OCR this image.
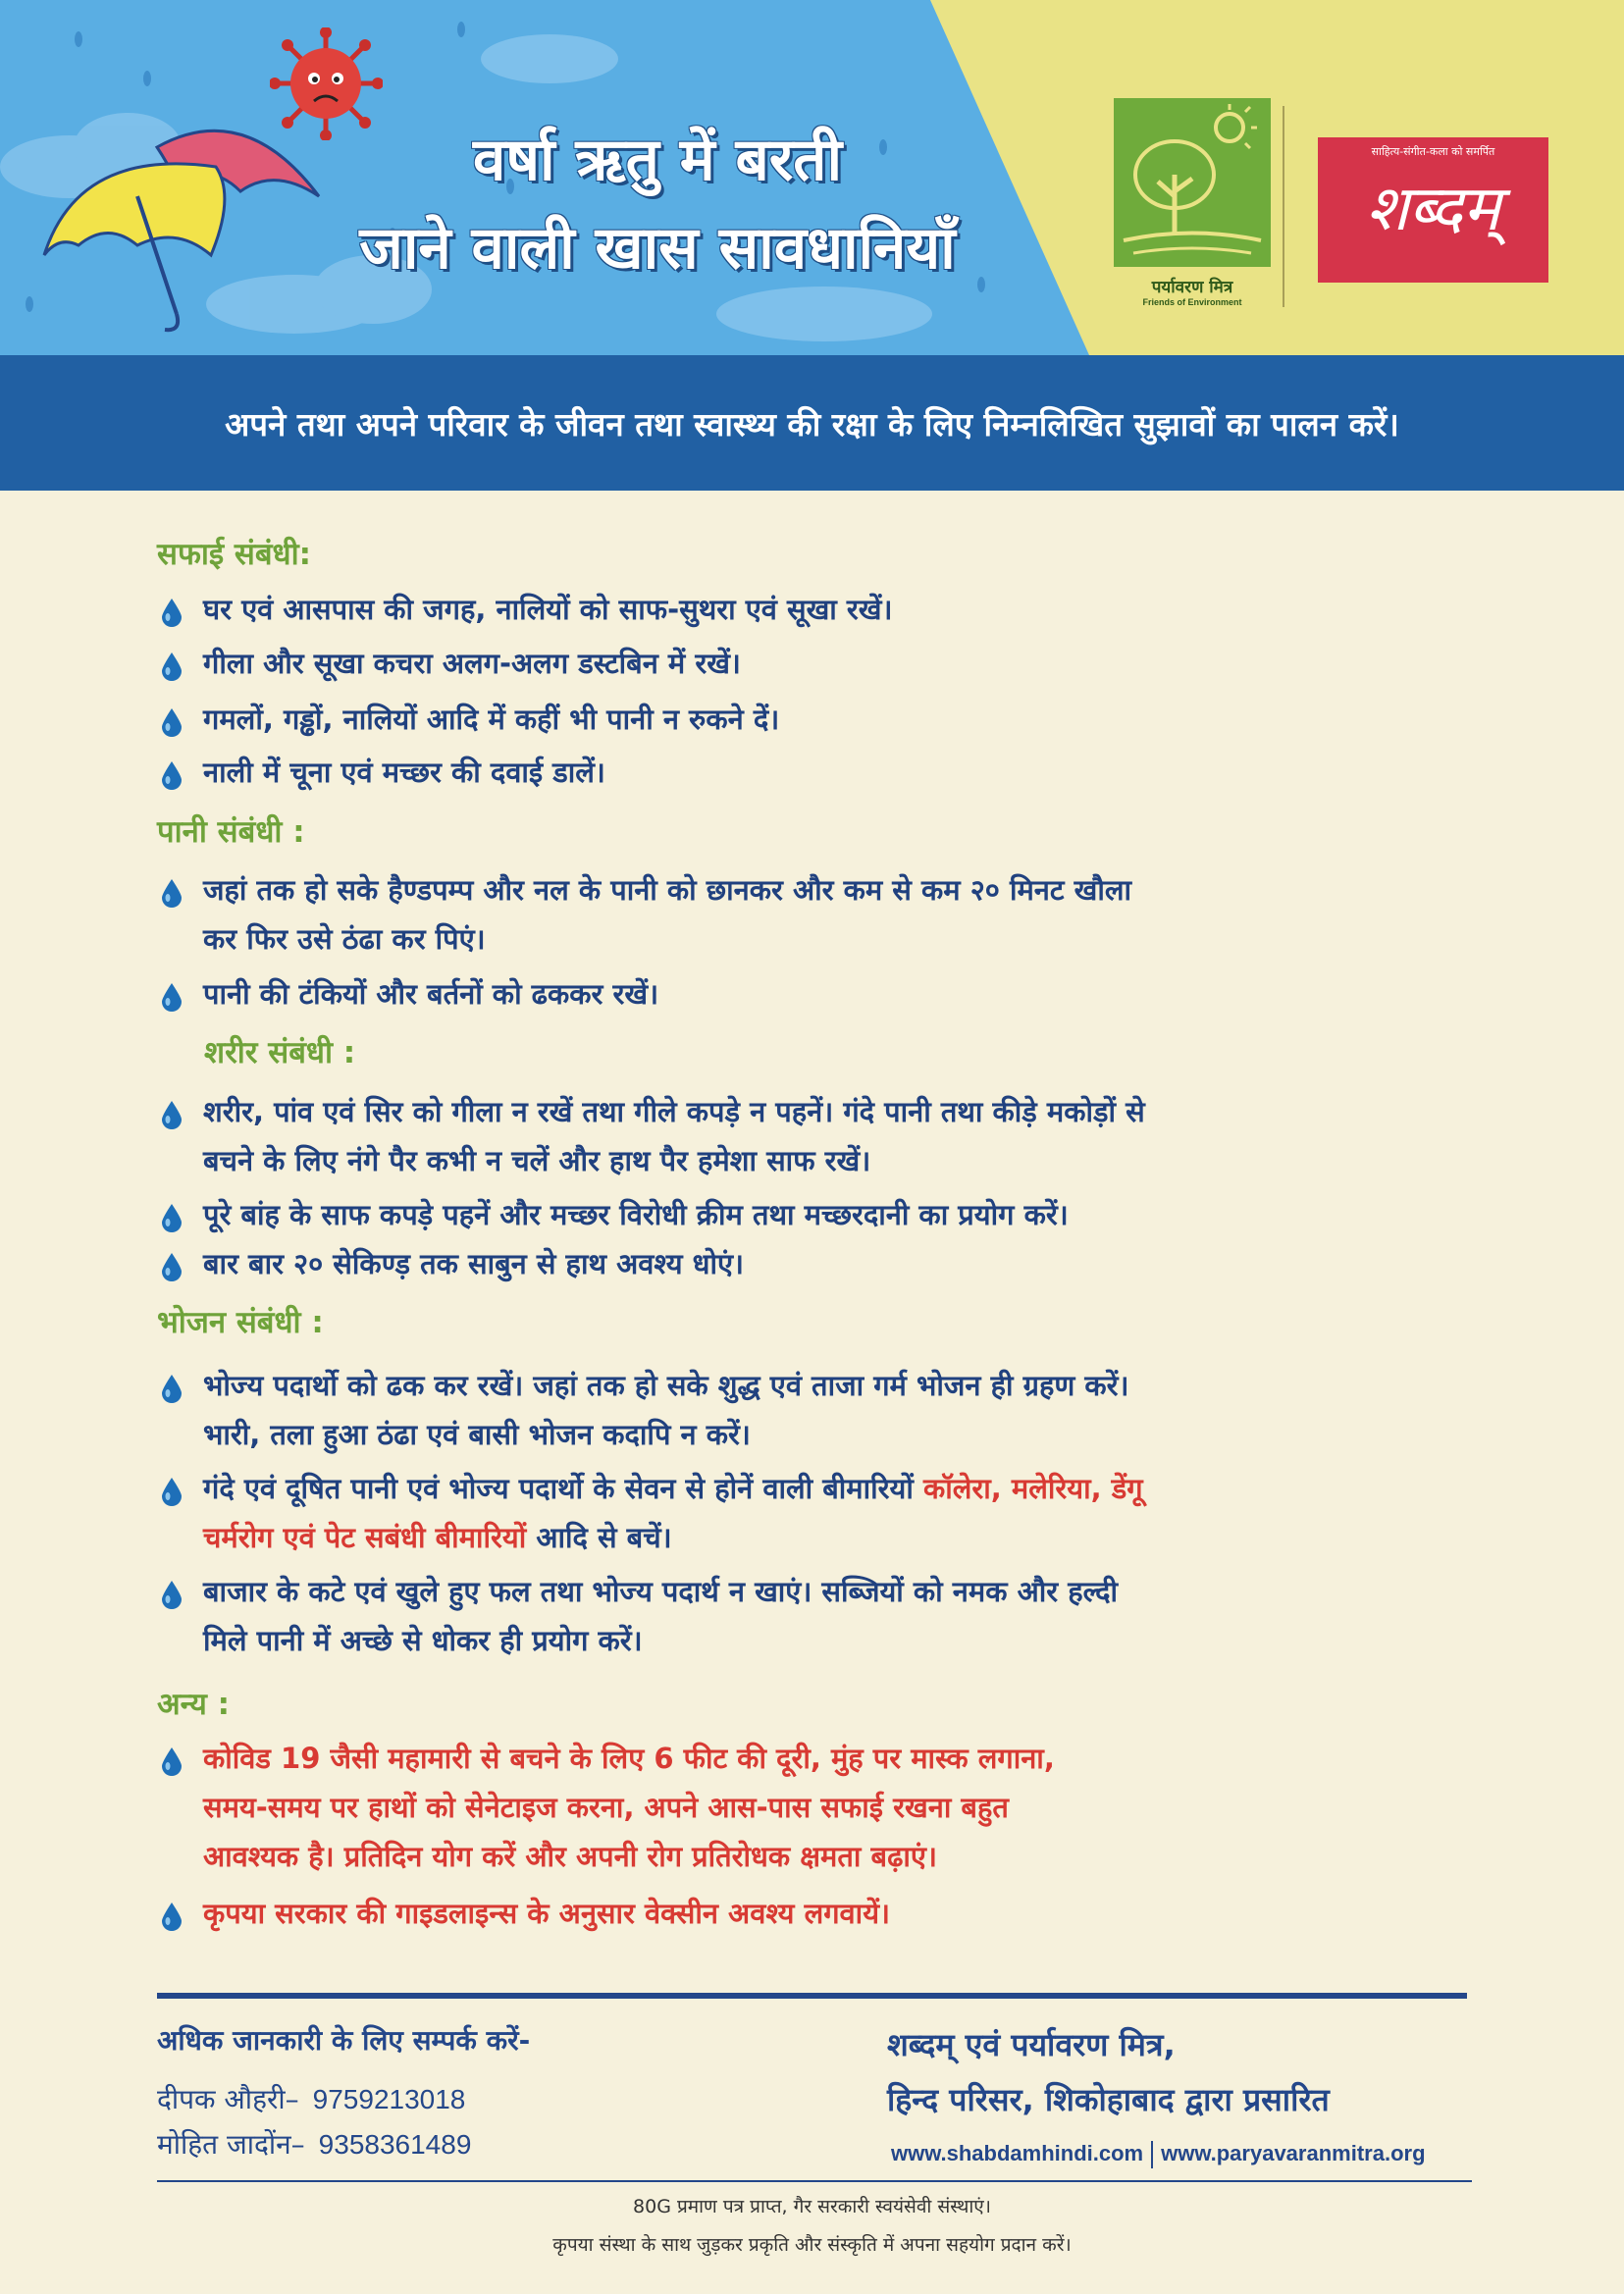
वर्षा ऋतु में बरती
जाने वाली खास सावधानियाँ
पर्यावरण मित्र
Friends of Environment
साहित्य-संगीत-कला को समर्पित
शब्दम्
अपने तथा अपने परिवार के जीवन तथा स्वास्थ्य की रक्षा के लिए निम्नलिखित सुझावों का पालन करें।
सफाई संबंधी:
घर एवं आसपास की जगह, नालियों को साफ-सुथरा एवं सूखा रखें।
गीला और सूखा कचरा अलग-अलग डस्टबिन में रखें।
गमलों, गड्ढों, नालियों आदि में कहीं भी पानी न रुकने दें।
नाली में चूना एवं मच्छर की दवाई डालें।
पानी संबंधी :
जहां तक हो सके हैण्डपम्प और नल के पानी को छानकर और कम से कम २० मिनट खौला
कर फिर उसे ठंढा कर पिएं।
पानी की टंकियों और बर्तनों को ढककर रखें।
शरीर संबंधी :
शरीर, पांव एवं सिर को गीला न रखें तथा गीले कपड़े न पहनें। गंदे पानी तथा कीड़े मकोड़ों से
बचने के लिए नंगे पैर कभी न चलें और हाथ पैर हमेशा साफ रखें।
पूरे बांह के साफ कपड़े पहनें और मच्छर विरोधी क्रीम तथा मच्छरदानी का प्रयोग करें।
बार बार २० सेकिण्ड़ तक साबुन से हाथ अवश्य धोएं।
भोजन संबंधी :
भोज्य पदार्थो को ढक कर रखें। जहां तक हो सके शुद्ध एवं ताजा गर्म भोजन ही ग्रहण करें।
भारी, तला हुआ ठंढा एवं बासी भोजन कदापि न करें।
गंदे एवं दूषित पानी एवं भोज्य पदार्थो के सेवन से होनें वाली बीमारियों कॉलेरा, मलेरिया, डेंगू
चर्मरोग एवं पेट सबंधी बीमारियों आदि से बचें।
बाजार के कटे एवं खुले हुए फल तथा भोज्य पदार्थ न खाएं। सब्जियों को नमक और हल्दी
मिले पानी में अच्छे से धोकर ही प्रयोग करें।
अन्य :
कोविड 19 जैसी महामारी से बचने के लिए 6 फीट की दूरी, मुंह पर मास्क लगाना,
समय-समय पर हाथों को सेनेटाइज करना, अपने आस-पास सफाई रखना बहुत
आवश्यक है। प्रतिदिन योग करें और अपनी रोग प्रतिरोधक क्षमता बढ़ाएं।
कृपया सरकार की गाइडलाइन्स के अनुसार वेक्सीन अवश्य लगवायें।
अधिक जानकारी के लिए सम्पर्क करें-
दीपक औहरी– 9759213018
मोहित जादोंन– 9358361489
शब्दम् एवं पर्यावरण मित्र,
हिन्द परिसर, शिकोहाबाद द्वारा प्रसारित
www.shabdamhindi.com www.paryavaranmitra.org
80G प्रमाण पत्र प्राप्त, गैर सरकारी स्वयंसेवी संस्थाएं।
कृपया संस्था के साथ जुड़कर प्रकृति और संस्कृति में अपना सहयोग प्रदान करें।
